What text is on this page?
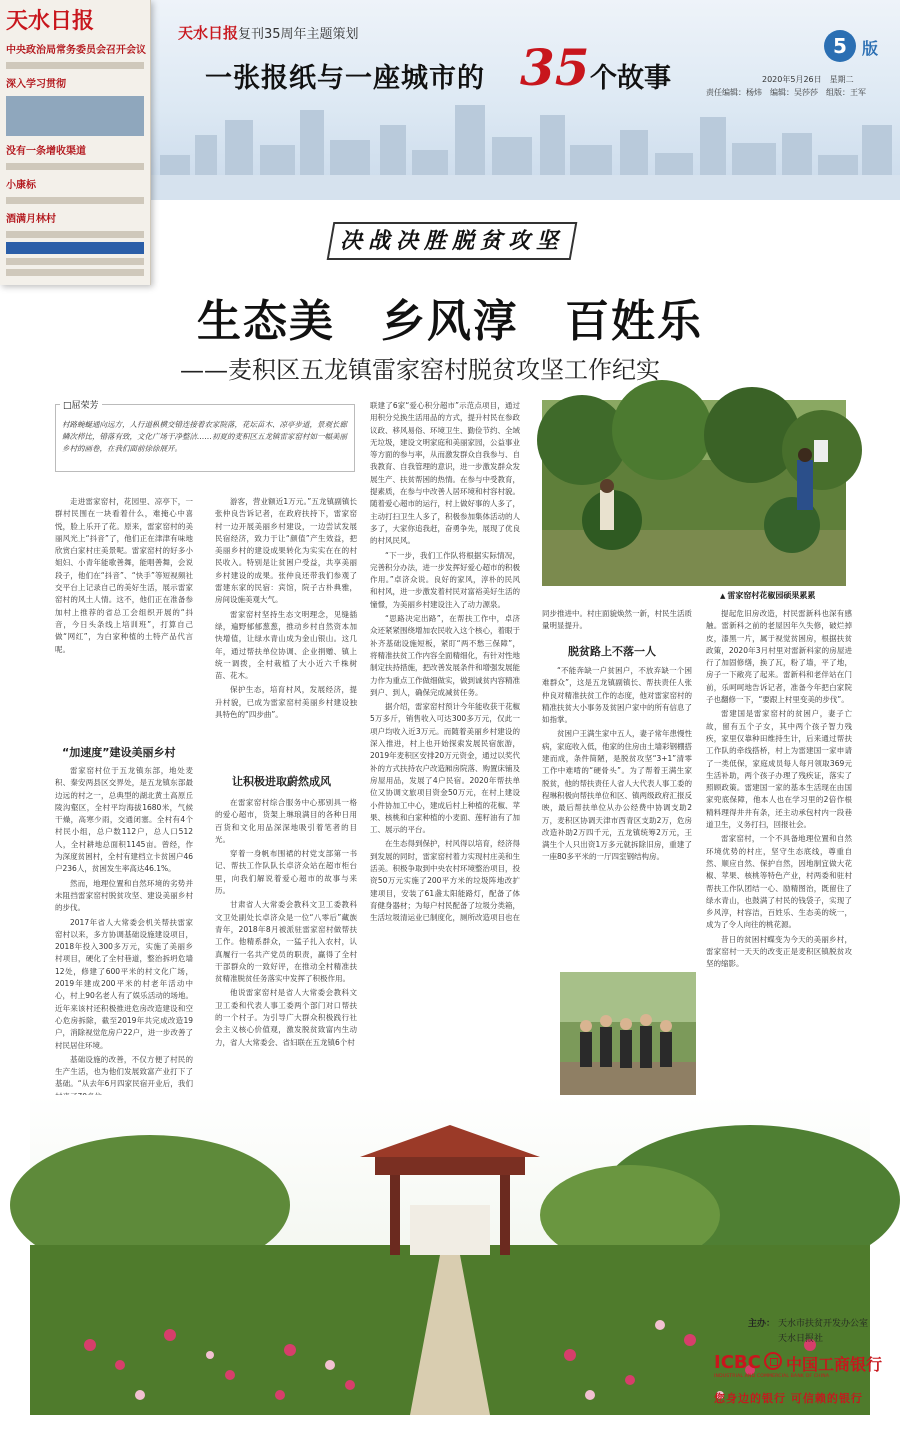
天水日报
中央政治局常务委员会召开会议
深入学习贯彻
没有一条增收渠道
小康标
酒满月林村
天水日报 复刊35周年主题策划
一张报纸与一座城市的 35 个故事
5 版
2020年5月26日　星期二
责任编辑：杨炜　编辑：吴莎莎　组版：王军
决战决胜脱贫攻坚
生态美　乡风淳　百姓乐
—— 麦积区五龙镇雷家窑村脱贫攻坚工作纪实
□屈荣芳
村路蜿蜒通向远方，人行道枞横交错连接着农家院落，花坛苗木、凉亭步道，景观长廊鳞次栉比，错落有致，文化广场干净整洁……初夏的麦积区五龙镇雷家窑村如一幅美丽乡村的画卷，在我们面前徐徐展开。

走进雷家窑村，花园里、凉亭下，一群村民围在一块看着什么，难掩心中喜悦，脸上乐开了花。原来，雷家窑村的美丽风光上“抖音”了，他们正在津津有味地欣赏白家村庄美景呢。雷家窑村的好多小姐妇、小青年能歌善舞，能唱善舞，会说段子，他们在“抖音”、“快手”等短视频社交平台上记录自己的美好生活，展示雷家窑村的风土人情。这不，他们正在准备参加村上推荐的省总工会组织开展的“抖音，今日头条线上培训班”，打算自己做“网红”，为白家种植的土特产品代言呢。

“加速度”建设美丽乡村

雷家窑村位于五龙镇东部，地处麦积、秦安两县区交界处，是五龙镇东部最边远的村之一，总典型的湖北黄土高原丘陵沟壑区，全村平均海拔1680米，气候干燥，高寒少雨，交通闭塞。全村有4个村民小组，总户数112户，总人口512人，全村耕地总面积1145亩。曾经，作为深度贫困村，全村有建档立卡贫困户46户236人，贫困发生率高达46.1%。

然而，地理位置和自然环境的劣势并未阻挡雷家窑村脱贫攻坚、建设美丽乡村的步伐。

2017年省人大常委会机关帮扶雷家窑村以来，多方协调基础设施建设项目，2018年投入300多万元，实施了美丽乡村项目，硬化了全村巷道，整治拆坍危墙12处，修建了600平米的村文化广场，2019年建成200平米的村老年活动中心，村上90名老人有了娱乐活动的场地。近年来该村还积极推进危房改造建设和空心危房拆除，截至2019年共完成改造19户，消除视觉危房户22户，进一步改善了村民居住环境。

基础设施的改善，不仅方便了村民的生产生活，也为他们发展致富产业打下了基础。“从去年6月四家民宿开业后，我们

游客，营业额近1万元。”五龙镇副镇长张仲良告诉记者，在政府扶持下，雷家窑村一边开展美丽乡村建设，一边尝试发展民宿经济，致力于让“颜值”产生效益，把美丽乡村的建设成果转化为实实在在的村民收入。特别是让贫困户受益，共享美丽乡村建设的成果。张仲良还带我们参观了雷建东家的民宿：宾馆，院子古朴典雅，房间设施美观大气。

雷家窑村坚持生态文明理念，见缝插绿，遍野郁郁葱葱，推动乡村自然资本加快增值，让绿水青山成为金山银山。这几年，通过帮扶单位协调、企业捐赠、镇上统一调拨，全村栽植了大小近六千株树苗、花木。

保护生态，培育村风，发展经济，提升村貌，已成为雷家窑村美丽乡村建设独具特色的“四步曲”。

让积极进取蔚然成风

在雷家窑村综合服务中心那别具一格的爱心超市，货架上琳琅满目的各种日用百货和文化用品深深地吸引着笔者的目光。

穿着一身帆布围裙的村党支部第一书记、帮扶工作队队长卓济众站在超市柜台里，向我们解说着爱心超市的故事与来历。

甘肃省人大常委会教科文卫工委教科文卫处副处长卓济众是一位“八零后”藏族青年，2018年8月被派驻雷家窑村做帮扶工作。他精系群众，一猛子扎入农村，认真履行一名共产党员的职责，赢得了全村干部群众的一致好评，在推动全村精准扶贫精准脱贫任务落实中发挥了积极作用。

他说雷家窑村是省人大常委会教科文卫工委和代表人事工委两个部门对口帮扶的一个村子。为引导广大群众积极践行社会主义核心价值观，激发脱贫致富内生动力，省人大常委会、省妇联在五龙镇6个村

联建了6家“爱心积分超市”示范点项目，通过用积分兑换生活用品的方式，提升村民在参政议政、移风易俗、环境卫生、勤俭节约、全域无垃圾，建设文明家庭和美丽家园，公益事业等方面的参与率，从而激发群众自我参与、自我教育、自我管理的意识，进一步激发群众发展生产、扶贫帮困的热情。在参与中受教育，提素质，在参与中改善人居环境和村容村貌。随着爱心超市的运行，村上做好事的人多了，主动打扫卫生人多了，积极参加集体活动的人多了，大家你追我赶，奋勇争先，展现了优良的村风民风。

“下一步，我们工作队将根据实际情况，完善积分办法，进一步发挥好爱心超市的积极作用。”卓济众说。良好的家风，淳朴的民风和村风，进一步激发着村民对富裕美好生活的憧憬，为美丽乡村建设注入了动力源泉。

“思路决定出路”，在帮扶工作中，卓济众还紧紧围绕增加农民收入这个核心，着眼于补齐基础设施短板，紧盯“两不愁三保障”，将精准扶贫工作内容全面精细化，有针对性地制定扶持措施，把改善发展条件和增强发展能力作为重点工作做细做实，做到诚贫内容精准到户、到人，确保完成减贫任务。

据介绍，雷家窑村预计今年能收获干花椒5万多斤，销售收入可达300多万元，仅此一项户均收入近3万元。而随着美丽乡村建设的深入推进，村上也开始探索发展民宿旅游，2019年麦积区安排20万元资金，通过以奖代补的方式扶持农户改造厢房院落、购置床铺及房屋用品，发展了4户民宿。2020年帮扶单位又协调文旅项目资金50万元，在村上建设小件协加工中心，建成后村上种植的花椒、苹果、核桃和白家种植的小麦面、莲籽油有了加工、展示的平台。

在生态得到保护，村风得以培育，经济得到发展的同时，雷家窑村着力实现村庄美和生活美。积极争取到中央农村环境整治项目，投资50万元实施了200平方米的垃圾阵地改扩建项目，安装了61盏太阳能路灯，配备了体育健身器材；为每户村民配备了垃圾分类箱，生活垃圾清运业已制度化，厕所改造项目也在

▲ 雷家窑村花椒园硕果累累

同步推进中。村庄面貌焕然一新，村民生活质量明显提升。

脱贫路上不落一人

“不能奔缺一户贫困户，不放弃缺一个困难群众”，这是五龙镇副镇长、帮扶责任人张仲良对精准扶贫工作的态度，他对雷家窑村的精准扶贫大小事务及贫困户家中的所有信息了如指掌。

贫困户王满生家中五人，妻子常年患慢性病，家庭收入低，他家的住房由土墙彩钢棚搭建而成，条件简陋，是脱贫攻坚“3+1”清零工作中难啃的“硬骨头”。为了帮着王满生家脱贫，他的帮扶责任人省人大代表人事工委的程琳积极向帮扶单位和区、镇两级政府汇报反映，最后帮扶单位从办公经费中协调支助2万，麦积区协调天津市西青区支助2万，危房改造补助2万四千元，五龙镇统筹2万元，王满生个人只出资1万多元就拆除旧房，重建了一座80多平米的一厅四室钢结构房。

提起危旧房改造，村民雷新科也深有感触。雷新科之前的老屋因年久失修，破烂掉皮，漆黑一片，属于视觉贫困房，根据扶贫政策，2020年3月村里对雷新科家的房屋进行了加固修缮，换了瓦，粉了墙，平了地，房子一下敞亮了起来。雷新科和老伴站在门前，乐呵呵地告诉记者，准备今年把白家院子也翻修一下，“要跟上村里变美的步伐”。

雷建国是雷家窑村的贫困户，妻子亡故，留有五个子女，其中两个孩子智力残疾，家里仅靠种田维持生计，后来通过帮扶工作队的牵线搭桥，村上为雷建国一家申请了一类低保，家庭成员每人每月领取369元生活补助，两个孩子办理了残疾证，落实了照顾政策。雷建国一家的基本生活现在由国家兜底保障，他本人也在学习里的2倍作根精料理得井井有条，还主动承包村内一段巷道卫生，义务打扫，回报社会。

雷家窑村，一个不具备地理位置和自然环境优势的村庄，坚守生态底线，尊重自然、顺应自然、保护自然，因地制宜做大花椒、苹果、核桃等特色产业，村两委和驻村帮扶工作队团结一心、励精图治，既留住了绿水青山，也鼓满了村民的钱袋子，实现了乡风淳，村容洁，百姓乐、生态美的统一，成为了令人向往的桃花源。

昔日的贫困村蝶变为今天的美丽乡村，雷家窑村一天天的改变正是麦积区镇脱贫攻坚的缩影。

主办： 天水市扶贫开发办公室
天水日报社
ICBC 中国工商银行
INDUSTRIAL AND COMMERCIAL BANK OF CHINA
您身边的银行 可信赖的银行
